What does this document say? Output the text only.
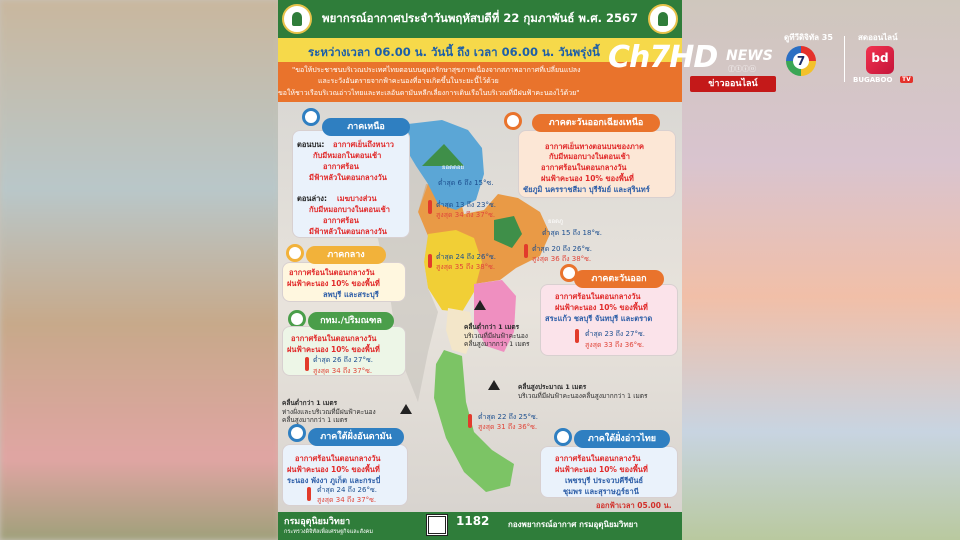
พยากรณ์อากาศประจำวันพฤหัสบดีที่ 22 กุมภาพันธ์ พ.ศ. 2567
ระหว่างเวลา 06.00 น. วันนี้ ถึง เวลา 06.00 น. วันพรุ่งนี้
"ขอให้ประชาชนบริเวณประเทศไทยตอนบนดูแลรักษาสุขภาพเนื่องจากสภาพอากาศที่เปลี่ยนแปลง
และระวังอันตรายจากฟ้าคะนองที่อาจเกิดขึ้นในระยะนี้ไว้ด้วย
ขอให้ชาวเรือบริเวณอ่าวไทยและทะเลอันดามันหลีกเลี่ยงการเดินเรือในบริเวณที่มีฝนฟ้าคะนองไว้ด้วย"
ตอนบน: อากาศเย็นถึงหนาว
กับมีหมอกในตอนเช้า
อากาศร้อน
มีฟ้าหลัวในตอนกลางวัน
ตอนล่าง: เมฆบางส่วน
กับมีหมอกบางในตอนเช้า
อากาศร้อน
มีฟ้าหลัวในตอนกลางวัน
ภาคเหนือ
ยอดดอย
ต่ำสุด 6 ถึง 15°ซ.
ต่ำสุด 13 ถึง 23°ซ.
สูงสุด 34 ถึง 37°ซ.
อากาศเย็นทางตอนบนของภาค
กับมีหมอกบางในตอนเช้า
อากาศร้อนในตอนกลางวัน
ฝนฟ้าคะนอง 10% ของพื้นที่
ชัยภูมิ นครราชสีมา บุรีรัมย์ และสุรินทร์
ภาคตะวันออกเฉียงเหนือ
ยอดภู
ต่ำสุด 15 ถึง 18°ซ.
ต่ำสุด 20 ถึง 26°ซ.
สูงสุด 36 ถึง 38°ซ.
อากาศร้อนในตอนกลางวัน
ฝนฟ้าคะนอง 10% ของพื้นที่
ลพบุรี และสระบุรี
ภาคกลาง	ต่ำสุด 24 ถึง 26°ซ.
สูงสุด 35 ถึง 38°ซ.
อากาศร้อนในตอนกลางวัน
ฝนฟ้าคะนอง 10% ของพื้นที่
สระแก้ว ชลบุรี จันทบุรี และตราด
ต่ำสุด 23 ถึง 27°ซ.
สูงสุด 33 ถึง 36°ซ.
ภาคตะวันออก
อากาศร้อนในตอนกลางวัน
ฝนฟ้าคะนอง 10% ของพื้นที่
ต่ำสุด 26 ถึง 27°ซ.
สูงสุด 34 ถึง 37°ซ.
กทม./ปริมณฑล
คลื่นต่ำกว่า 1 เมตร
บริเวณที่มีฝนฟ้าคะนอง
คลื่นสูงมากกว่า 1 เมตร
คลื่นสูงประมาณ 1 เมตร
บริเวณที่มีฝนฟ้าคะนองคลื่นสูงมากกว่า 1 เมตร
คลื่นต่ำกว่า 1 เมตร
ห่างฝั่งและบริเวณที่มีฝนฟ้าคะนอง
คลื่นสูงมากกว่า 1 เมตร	ต่ำสุด 22 ถึง 25°ซ.
สูงสุด 31 ถึง 36°ซ.
อากาศร้อนในตอนกลางวัน
ฝนฟ้าคะนอง 10% ของพื้นที่
ระนอง พังงา ภูเก็ต และกระบี่
ต่ำสุด 24 ถึง 26°ซ.
สูงสุด 34 ถึง 37°ซ.
ภาคใต้ฝั่งอันดามัน
อากาศร้อนในตอนกลางวัน
ฝนฟ้าคะนอง 10% ของพื้นที่
เพชรบุรี ประจวบคีรีขันธ์
ชุมพร และสุราษฎร์ธานี
ภาคใต้ฝั่งอ่าวไทย
ออกฟ้าเวลา 05.00 น.
กรมอุตุนิยมวิทยา
กระทรวงดิจิทัลเพื่อเศรษฐกิจและสังคม
1182 กองพยากรณ์อากาศ กรมอุตุนิยมวิทยา
Ch7HD NEWS
ⓕⓣⓘⓞ
ข่าวออนไลน์
ดูทีวีดิจิทัล 35
7
สดออนไลน์
bd
BUGABOO	TV
